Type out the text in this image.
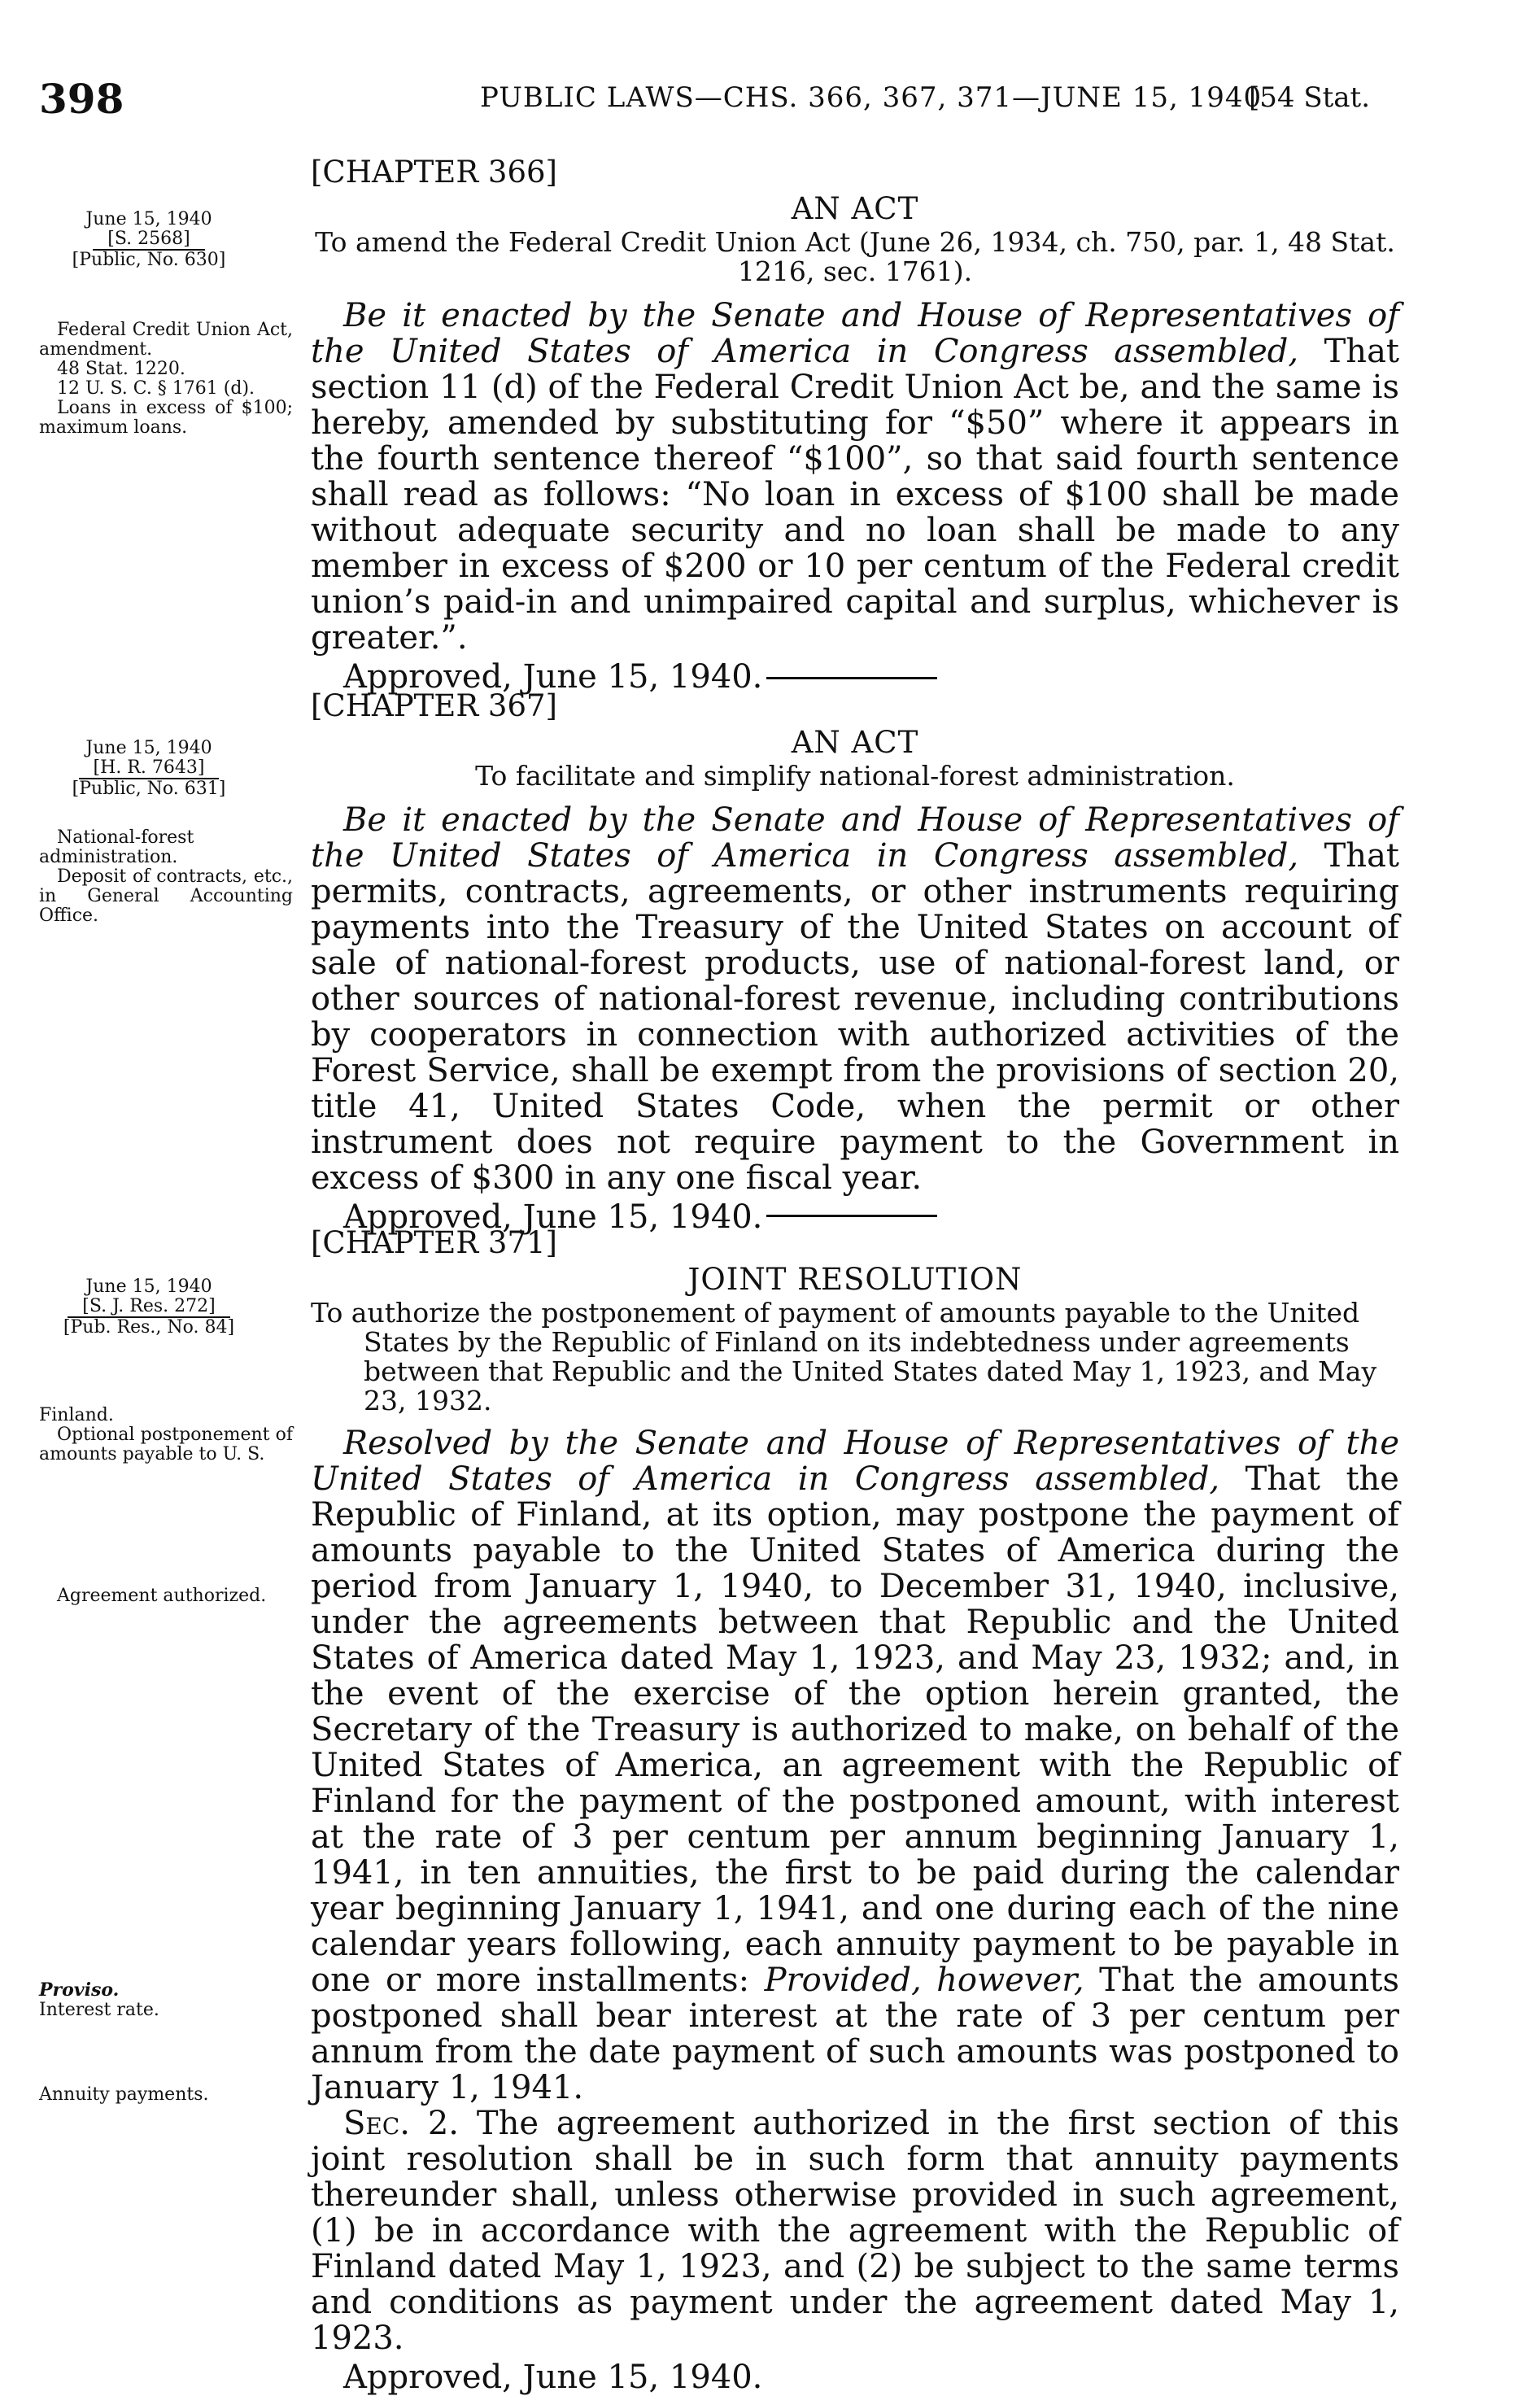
398	PUBLIC LAWS—CHS. 366, 367, 371—JUNE 15, 1940
[54 Stat.

[CHAPTER 366]

AN ACT

To amend the Federal Credit Union Act (June 26, 1934, ch. 750, par. 1, 48 Stat. 1216, sec. 1761).

Be it enacted by the Senate and House of Representatives of the United States of America in Congress assembled, That section 11 (d) of the Federal Credit Union Act be, and the same is hereby, amended by substituting for “$50” where it appears in the fourth sentence thereof “$100”, so that said fourth sentence shall read as follows: “No loan in excess of $100 shall be made without adequate security and no loan shall be made to any member in excess of $200 or 10 per centum of the Federal credit union’s paid-in and unimpaired capital and surplus, whichever is greater.”.

Approved, June 15, 1940.

June 15, 1940
[S. 2568]
[Public, No. 630]

Federal Credit Union Act, amendment.

48 Stat. 1220.

12 U. S. C. § 1761 (d).

Loans in excess of $100; maximum loans.

[CHAPTER 367]

AN ACT

To facilitate and simplify national-forest administration.

Be it enacted by the Senate and House of Representatives of the United States of America in Congress assembled, That permits, contracts, agreements, or other instruments requiring payments into the Treasury of the United States on account of sale of national-forest products, use of national-forest land, or other sources of national-forest revenue, including contributions by cooperators in connection with authorized activities of the Forest Service, shall be exempt from the provisions of section 20, title 41, United States Code, when the permit or other instrument does not require payment to the Government in excess of $300 in any one fiscal year.

Approved, June 15, 1940.

June 15, 1940
[H. R. 7643]
[Public, No. 631]

National-forest administration.

Deposit of contracts, etc., in General Accounting Office.

[CHAPTER 371]

JOINT RESOLUTION

To authorize the postponement of payment of amounts payable to the United States by the Republic of Finland on its indebtedness under agreements between that Republic and the United States dated May 1, 1923, and May 23, 1932.

Resolved by the Senate and House of Representatives of the United States of America in Congress assembled, That the Republic of Finland, at its option, may postpone the payment of amounts payable to the United States of America during the period from January 1, 1940, to December 31, 1940, inclusive, under the agreements between that Republic and the United States of America dated May 1, 1923, and May 23, 1932; and, in the event of the exercise of the option herein granted, the Secretary of the Treasury is authorized to make, on behalf of the United States of America, an agreement with the Republic of Finland for the payment of the postponed amount, with interest at the rate of 3 per centum per annum beginning January 1, 1941, in ten annuities, the first to be paid during the calendar year beginning January 1, 1941, and one during each of the nine calendar years following, each annuity payment to be payable in one or more installments: Provided, however, That the amounts postponed shall bear interest at the rate of 3 per centum per annum from the date payment of such amounts was postponed to January 1, 1941.

Sec. 2. The agreement authorized in the first section of this joint resolution shall be in such form that annuity payments thereunder shall, unless otherwise provided in such agreement, (1) be in accordance with the agreement with the Republic of Finland dated May 1, 1923, and (2) be subject to the same terms and conditions as payment under the agreement dated May 1, 1923.

Approved, June 15, 1940.

June 15, 1940
[S. J. Res. 272]
[Pub. Res., No. 84]

Finland.

Optional postponement of amounts payable to U. S.

Agreement authorized.

Proviso.

Interest rate.

Annuity payments.
